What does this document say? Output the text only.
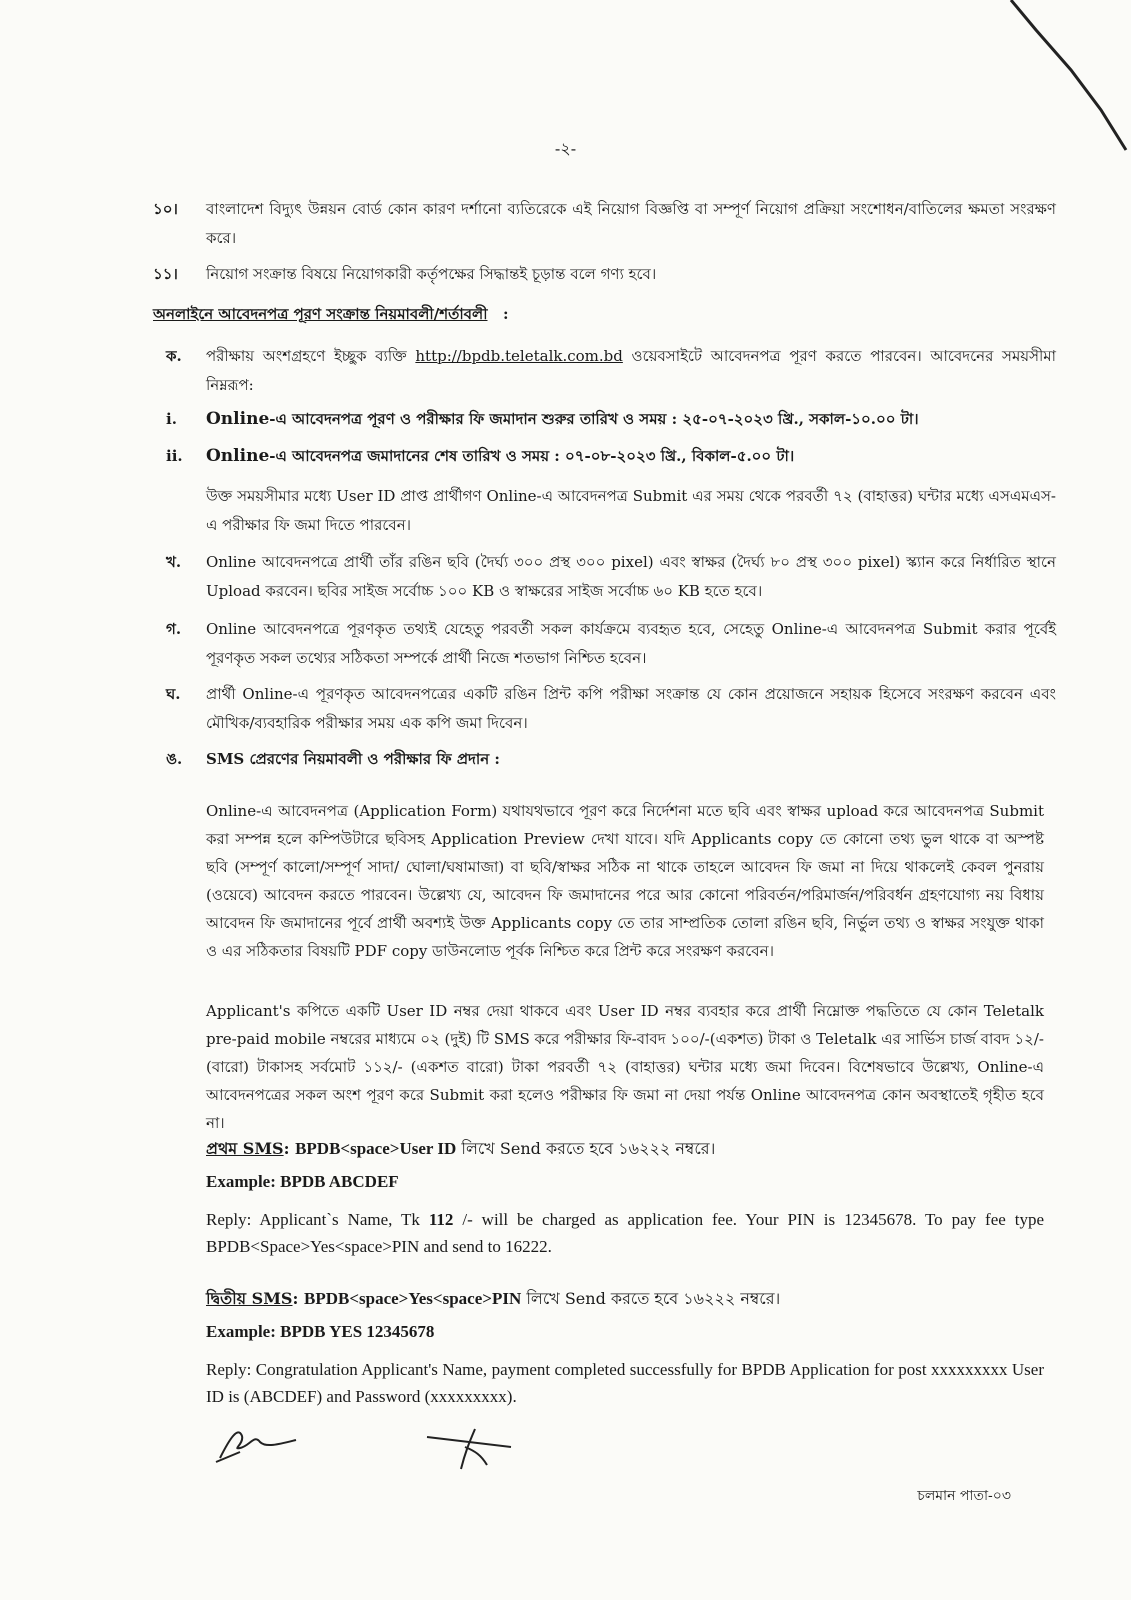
-২-
১০। বাংলাদেশ বিদ্যুৎ উন্নয়ন বোর্ড কোন কারণ দর্শানো ব্যতিরেকে এই নিয়োগ বিজ্ঞপ্তি বা সম্পূর্ণ নিয়োগ প্রক্রিয়া সংশোধন/বাতিলের ক্ষমতা সংরক্ষণ করে।

১১। নিয়োগ সংক্রান্ত বিষয়ে নিয়োগকারী কর্তৃপক্ষের সিদ্ধান্তই চূড়ান্ত বলে গণ্য হবে।

অনলাইনে আবেদনপত্র পূরণ সংক্রান্ত নিয়মাবলী/শর্তাবলী :
ক. পরীক্ষায় অংশগ্রহণে ইচ্ছুক ব্যক্তি http://bpdb.teletalk.com.bd ওয়েবসাইটে আবেদনপত্র পূরণ করতে পারবেন। আবেদনের সময়সীমা নিম্নরূপ:

i. Online-এ আবেদনপত্র পূরণ ও পরীক্ষার ফি জমাদান শুরুর তারিখ ও সময় : ২৫-০৭-২০২৩ খ্রি., সকাল-১০.০০ টা।

ii. Online-এ আবেদনপত্র জমাদানের শেষ তারিখ ও সময় : ০৭-০৮-২০২৩ খ্রি., বিকাল-৫.০০ টা।

উক্ত সময়সীমার মধ্যে User ID প্রাপ্ত প্রার্থীগণ Online-এ আবেদনপত্র Submit এর সময় থেকে পরবর্তী ৭২ (বাহাত্তর) ঘন্টার মধ্যে এসএমএস-এ পরীক্ষার ফি জমা দিতে পারবেন।

খ. Online আবেদনপত্রে প্রার্থী তাঁর রঙিন ছবি (দৈর্ঘ্য ৩০০ প্রস্থ ৩০০ pixel) এবং স্বাক্ষর (দৈর্ঘ্য ৮০ প্রস্থ ৩০০ pixel) স্ক্যান করে নির্ধারিত স্থানে Upload করবেন। ছবির সাইজ সর্বোচ্চ ১০০ KB ও স্বাক্ষরের সাইজ সর্বোচ্চ ৬০ KB হতে হবে।

গ. Online আবেদনপত্রে পূরণকৃত তথ্যই যেহেতু পরবর্তী সকল কার্যক্রমে ব্যবহৃত হবে, সেহেতু Online-এ আবেদনপত্র Submit করার পূর্বেই পূরণকৃত সকল তথ্যের সঠিকতা সম্পর্কে প্রার্থী নিজে শতভাগ নিশ্চিত হবেন।

ঘ. প্রার্থী Online-এ পূরণকৃত আবেদনপত্রের একটি রঙিন প্রিন্ট কপি পরীক্ষা সংক্রান্ত যে কোন প্রয়োজনে সহায়ক হিসেবে সংরক্ষণ করবেন এবং মৌখিক/ব্যবহারিক পরীক্ষার সময় এক কপি জমা দিবেন।

ঙ. SMS প্রেরণের নিয়মাবলী ও পরীক্ষার ফি প্রদান :

Online-এ আবেদনপত্র (Application Form) যথাযথভাবে পূরণ করে নির্দেশনা মতে ছবি এবং স্বাক্ষর upload করে আবেদনপত্র Submit করা সম্পন্ন হলে কম্পিউটারে ছবিসহ Application Preview দেখা যাবে। যদি Applicants copy তে কোনো তথ্য ভুল থাকে বা অস্পষ্ট ছবি (সম্পূর্ণ কালো/সম্পূর্ণ সাদা/ ঘোলা/ঘষামাজা) বা ছবি/স্বাক্ষর সঠিক না থাকে তাহলে আবেদন ফি জমা না দিয়ে থাকলেই কেবল পুনরায় (ওয়েবে) আবেদন করতে পারবেন। উল্লেখ্য যে, আবেদন ফি জমাদানের পরে আর কোনো পরিবর্তন/পরিমার্জন/পরিবর্ধন গ্রহণযোগ্য নয় বিধায় আবেদন ফি জমাদানের পূর্বে প্রার্থী অবশ্যই উক্ত Applicants copy তে তার সাম্প্রতিক তোলা রঙিন ছবি, নির্ভুল তথ্য ও স্বাক্ষর সংযুক্ত থাকা ও এর সঠিকতার বিষয়টি PDF copy ডাউনলোড পূর্বক নিশ্চিত করে প্রিন্ট করে সংরক্ষণ করবেন।

Applicant's কপিতে একটি User ID নম্বর দেয়া থাকবে এবং User ID নম্বর ব্যবহার করে প্রার্থী নিম্নোক্ত পদ্ধতিতে যে কোন Teletalk pre-paid mobile নম্বরের মাধ্যমে ০২ (দুই) টি SMS করে পরীক্ষার ফি-বাবদ ১০০/-(একশত) টাকা ও Teletalk এর সার্ভিস চার্জ বাবদ ১২/-(বারো) টাকাসহ সর্বমোট ১১২/- (একশত বারো) টাকা পরবর্তী ৭২ (বাহাত্তর) ঘন্টার মধ্যে জমা দিবেন। বিশেষভাবে উল্লেখ্য, Online-এ আবেদনপত্রের সকল অংশ পূরণ করে Submit করা হলেও পরীক্ষার ফি জমা না দেয়া পর্যন্ত Online আবেদনপত্র কোন অবস্থাতেই গৃহীত হবে না।

প্রথম SMS: BPDB<space>User ID লিখে Send করতে হবে ১৬২২২ নম্বরে।

Example: BPDB ABCDEF

Reply: Applicant`s Name, Tk 112 /- will be charged as application fee. Your PIN is 12345678. To pay fee type BPDB<Space>Yes<space>PIN and send to 16222.

দ্বিতীয় SMS: BPDB<space>Yes<space>PIN লিখে Send করতে হবে ১৬২২২ নম্বরে।

Example: BPDB YES 12345678

Reply: Congratulation Applicant's Name, payment completed successfully for BPDB Application for post xxxxxxxxx User ID is (ABCDEF) and Password (xxxxxxxxx).

চলমান পাতা-০৩
